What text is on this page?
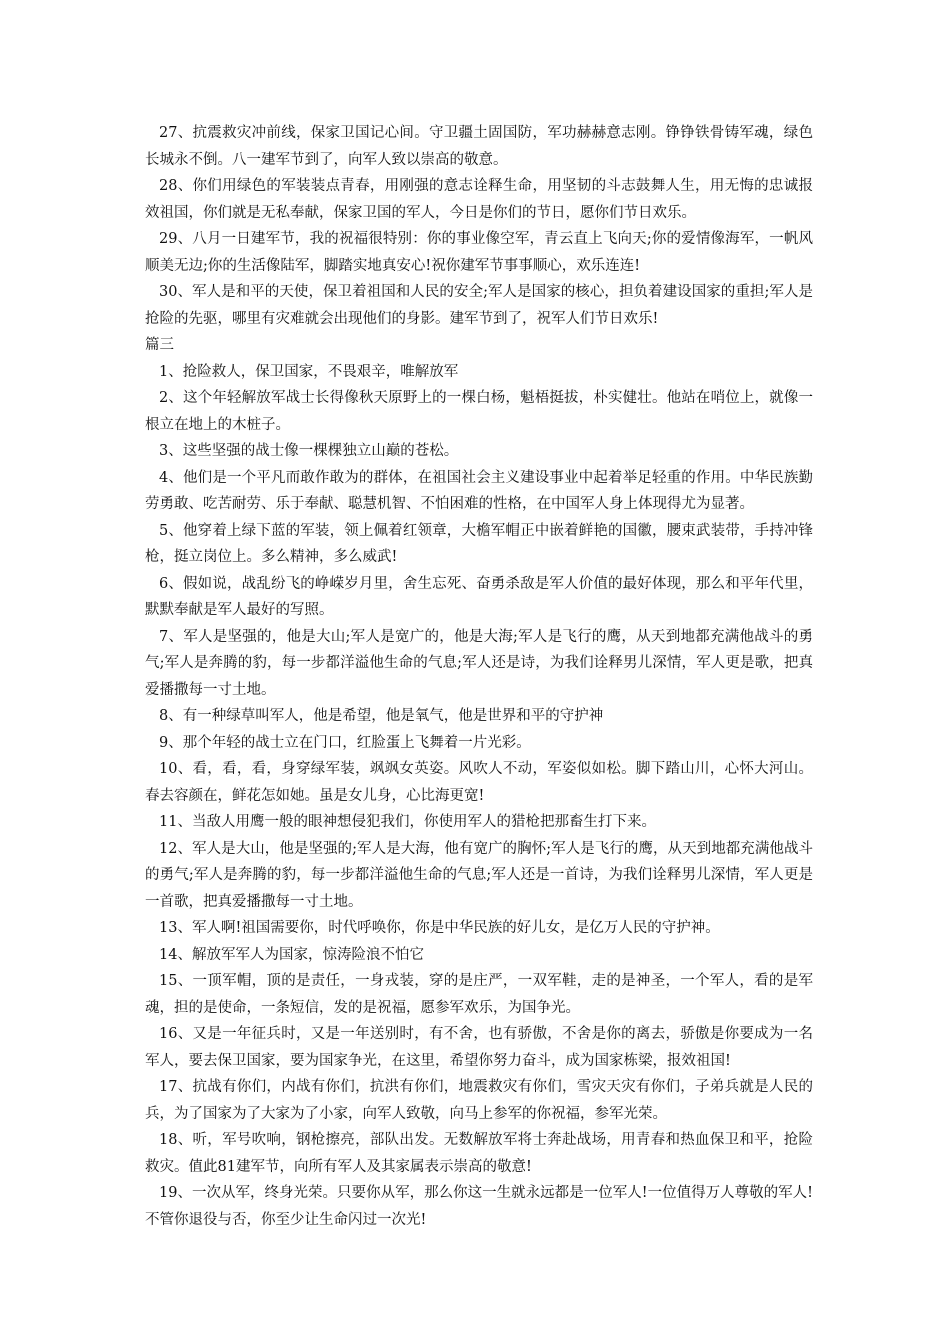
27、抗震救灾冲前线，保家卫国记心间。守卫疆土固国防，军功赫赫意志刚。铮铮铁骨铸军魂，绿色长城永不倒。八一建军节到了，向军人致以崇高的敬意。

28、你们用绿色的军装装点青春，用刚强的意志诠释生命，用坚韧的斗志鼓舞人生，用无悔的忠诚报效祖国，你们就是无私奉献，保家卫国的军人，今日是你们的节日，愿你们节日欢乐。

29、八月一日建军节，我的祝福很特别：你的事业像空军，青云直上飞向天;你的爱情像海军，一帆风顺美无边;你的生活像陆军，脚踏实地真安心!祝你建军节事事顺心，欢乐连连!

30、军人是和平的天使，保卫着祖国和人民的安全;军人是国家的核心，担负着建设国家的重担;军人是抢险的先驱，哪里有灾难就会出现他们的身影。建军节到了，祝军人们节日欢乐!

篇三

1、抢险救人，保卫国家，不畏艰辛，唯解放军

2、这个年轻解放军战士长得像秋天原野上的一棵白杨，魁梧挺拔，朴实健壮。他站在哨位上，就像一根立在地上的木桩子。

3、这些坚强的战士像一棵棵独立山巅的苍松。

4、他们是一个平凡而敢作敢为的群体，在祖国社会主义建设事业中起着举足轻重的作用。中华民族勤劳勇敢、吃苦耐劳、乐于奉献、聪慧机智、不怕困难的性格，在中国军人身上体现得尤为显著。

5、他穿着上绿下蓝的军装，领上佩着红领章，大檐军帽正中嵌着鲜艳的国徽，腰束武装带，手持冲锋枪，挺立岗位上。多么精神，多么威武!

6、假如说，战乱纷飞的峥嵘岁月里，舍生忘死、奋勇杀敌是军人价值的最好体现，那么和平年代里，默默奉献是军人最好的写照。

7、军人是坚强的，他是大山;军人是宽广的，他是大海;军人是飞行的鹰，从天到地都充满他战斗的勇气;军人是奔腾的豹，每一步都洋溢他生命的气息;军人还是诗，为我们诠释男儿深情，军人更是歌，把真爱播撒每一寸土地。

8、有一种绿草叫军人，他是希望，他是氧气，他是世界和平的守护神

9、那个年轻的战士立在门口，红脸蛋上飞舞着一片光彩。

10、看，看，看，身穿绿军装，飒飒女英姿。风吹人不动，军姿似如松。脚下踏山川，心怀大河山。春去容颜在，鲜花怎如她。虽是女儿身，心比海更宽!

11、当敌人用鹰一般的眼神想侵犯我们，你使用军人的猎枪把那畜生打下来。

12、军人是大山，他是坚强的;军人是大海，他有宽广的胸怀;军人是飞行的鹰，从天到地都充满他战斗的勇气;军人是奔腾的豹，每一步都洋溢他生命的气息;军人还是一首诗，为我们诠释男儿深情，军人更是一首歌，把真爱播撒每一寸土地。

13、军人啊!祖国需要你，时代呼唤你，你是中华民族的好儿女，是亿万人民的守护神。

14、解放军军人为国家，惊涛险浪不怕它

15、一顶军帽，顶的是责任，一身戎装，穿的是庄严，一双军鞋，走的是神圣，一个军人，看的是军魂，担的是使命，一条短信，发的是祝福，愿参军欢乐，为国争光。

16、又是一年征兵时，又是一年送别时，有不舍，也有骄傲，不舍是你的离去，骄傲是你要成为一名军人，要去保卫国家，要为国家争光，在这里，希望你努力奋斗，成为国家栋梁，报效祖国!

17、抗战有你们，内战有你们，抗洪有你们，地震救灾有你们，雪灾天灾有你们，子弟兵就是人民的兵，为了国家为了大家为了小家，向军人致敬，向马上参军的你祝福，参军光荣。

18、听，军号吹响，钢枪擦亮，部队出发。无数解放军将士奔赴战场，用青春和热血保卫和平，抢险救灾。值此81建军节，向所有军人及其家属表示崇高的敬意!

19、一次从军，终身光荣。只要你从军，那么你这一生就永远都是一位军人!一位值得万人尊敬的军人!不管你退役与否，你至少让生命闪过一次光!
